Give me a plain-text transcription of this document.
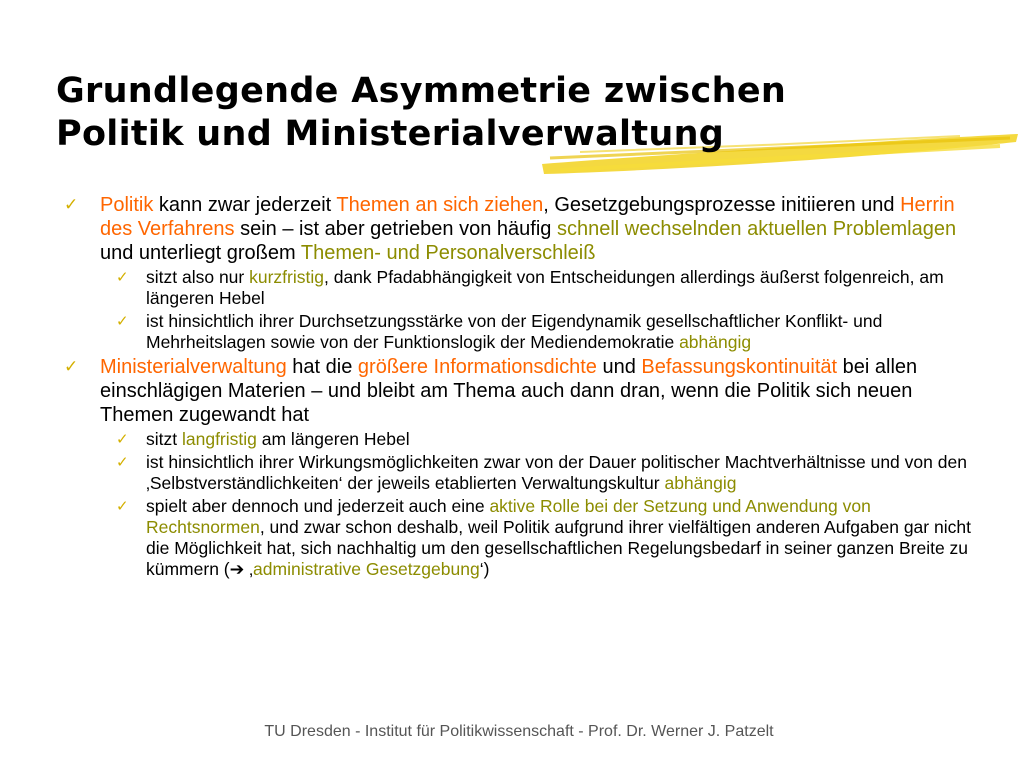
Grundlegende Asymmetrie zwischen
Politik und Ministerialverwaltung
✓ Politik kann zwar jederzeit Themen an sich ziehen, Gesetzgebungsprozesse initiieren und Herrin des Verfahrens sein – ist aber getrieben von häufig schnell wechselnden aktuellen Problemlagen und unterliegt großem Themen- und Personalverschleiß
✓ sitzt also nur kurzfristig, dank Pfadabhängigkeit von Entscheidungen allerdings äußerst folgenreich, am längeren Hebel
✓ ist hinsichtlich ihrer Durchsetzungsstärke von der Eigendynamik gesellschaftlicher Konflikt- und Mehrheitslagen sowie von der Funktionslogik der Mediendemokratie abhängig
✓ Ministerialverwaltung hat die größere Informationsdichte und Befassungskontinuität bei allen einschlägigen Materien – und bleibt am Thema auch dann dran, wenn die Politik sich neuen Themen zugewandt hat
✓ sitzt langfristig am längeren Hebel
✓ ist hinsichtlich ihrer Wirkungsmöglichkeiten zwar von der Dauer politischer Machtverhältnisse und von den ‚Selbstverständlichkeiten‘ der jeweils etablierten Verwaltungskultur abhängig
✓ spielt aber dennoch und jederzeit auch eine aktive Rolle bei der Setzung und Anwendung von Rechtsnormen, und zwar schon deshalb, weil Politik aufgrund ihrer vielfältigen anderen Aufgaben gar nicht die Möglichkeit hat, sich nachhaltig um den gesellschaftlichen Regelungsbedarf in seiner ganzen Breite zu kümmern (➔ ‚administrative Gesetzgebung‘)
TU Dresden - Institut für Politikwissenschaft - Prof. Dr. Werner J. Patzelt
